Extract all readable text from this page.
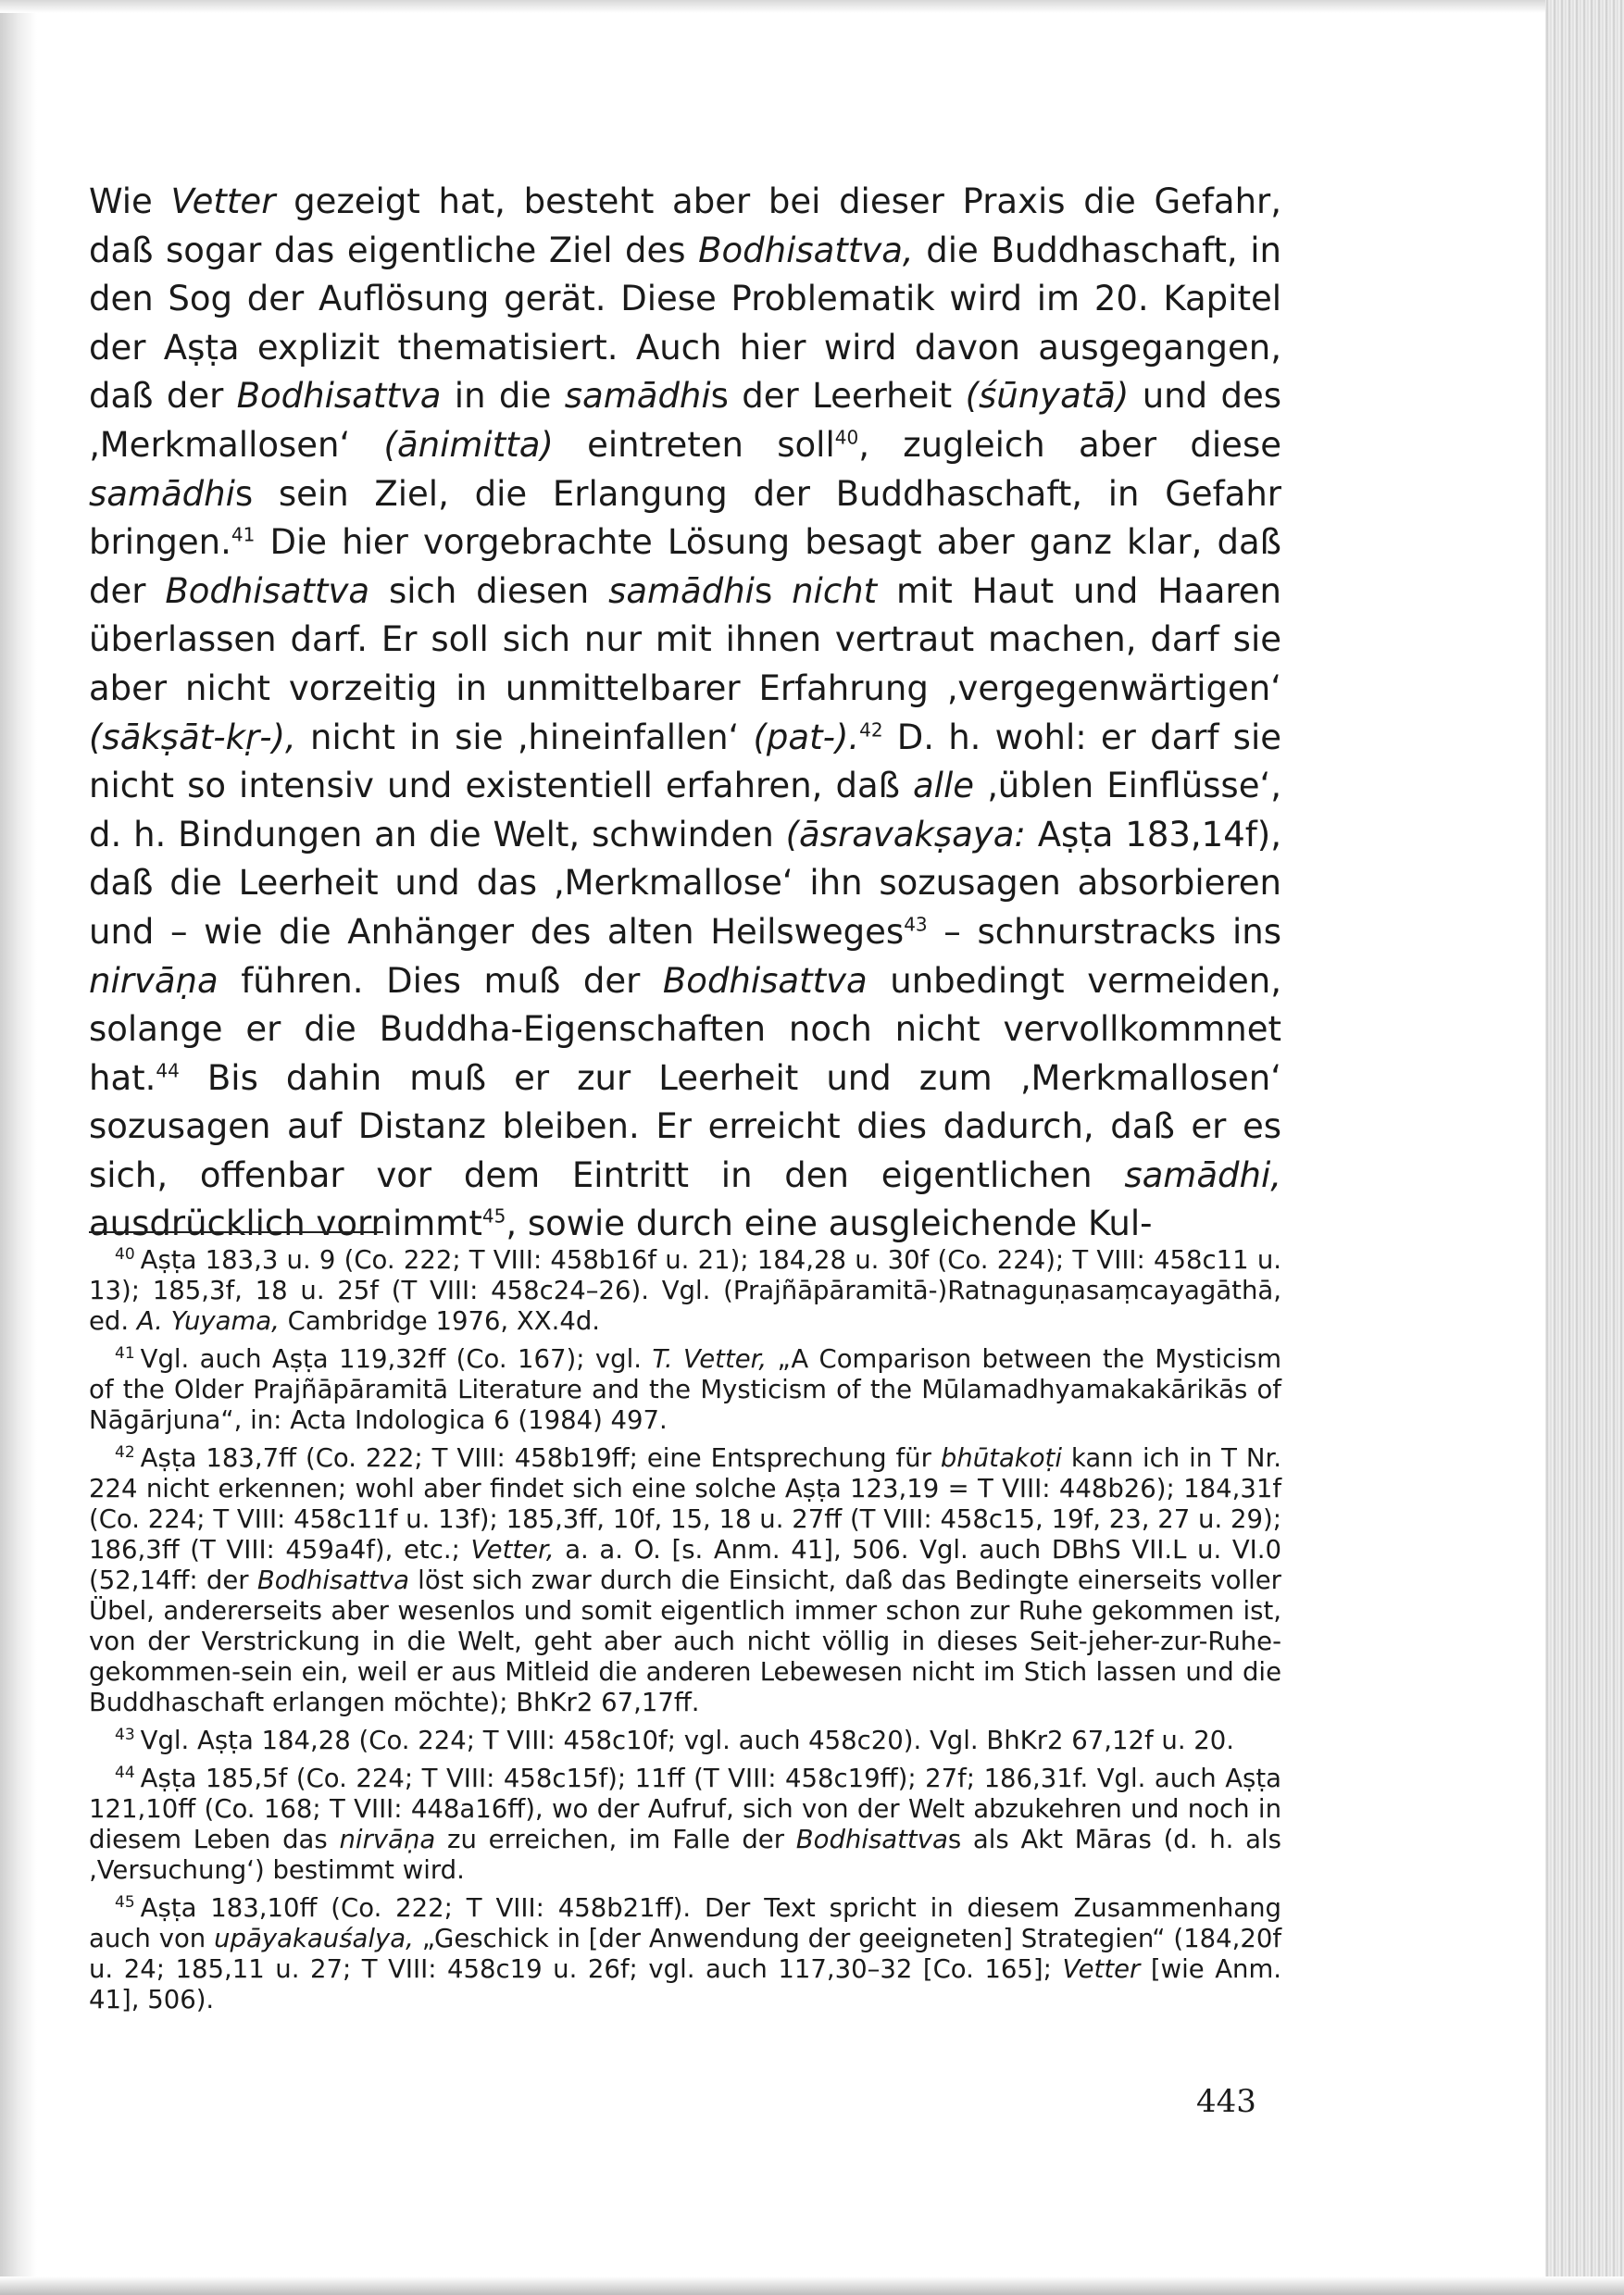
Wie Vetter gezeigt hat, besteht aber bei dieser Praxis die Gefahr, daß sogar das eigentliche Ziel des Bodhisattva, die Buddhaschaft, in den Sog der Auflösung gerät. Diese Problematik wird im 20. Kapitel der Aṣṭa explizit thematisiert. Auch hier wird davon ausgegangen, daß der Bodhisattva in die samādhis der Leerheit (śūnyatā) und des ‚Merkmallosen‘ (ānimitta) eintreten soll$^{40}$, zugleich aber diese samādhis sein Ziel, die Erlangung der Buddhaschaft, in Gefahr bringen.$^{41}$ Die hier vorgebrachte Lösung besagt aber ganz klar, daß der Bodhisattva sich diesen samādhis nicht mit Haut und Haaren überlassen darf. Er soll sich nur mit ihnen vertraut machen, darf sie aber nicht vorzeitig in unmittelbarer Erfahrung ‚vergegenwärtigen‘ (sākṣāt-kṛ-), nicht in sie ‚hineinfallen‘ (pat-).$^{42}$ D. h. wohl: er darf sie nicht so intensiv und existentiell erfahren, daß alle ‚üblen Einflüsse‘, d. h. Bindungen an die Welt, schwinden (āsravakṣaya: Aṣṭa 183,14f), daß die Leerheit und das ‚Merkmallose‘ ihn sozusagen absorbieren und – wie die Anhänger des alten Heilsweges$^{43}$ – schnurstracks ins nirvāṇa führen. Dies muß der Bodhisattva unbedingt vermeiden, solange er die Buddha-Eigenschaften noch nicht vervollkommnet hat.$^{44}$ Bis dahin muß er zur Leerheit und zum ‚Merkmallosen‘ sozusagen auf Distanz bleiben. Er erreicht dies dadurch, daß er es sich, offenbar vor dem Eintritt in den eigentlichen samādhi, ausdrücklich vornimmt$^{45}$, sowie durch eine ausgleichende Kul-

$^{40}$ Aṣṭa 183,3 u. 9 (Co. 222; T VIII: 458b16f u. 21); 184,28 u. 30f (Co. 224); T VIII: 458c11 u. 13); 185,3f, 18 u. 25f (T VIII: 458c24–26). Vgl. (Prajñāpāramitā-)Ratnaguṇasaṃcayagāthā, ed. A. Yuyama, Cambridge 1976, XX.4d.

$^{41}$ Vgl. auch Aṣṭa 119,32ff (Co. 167); vgl. T. Vetter, „A Comparison between the Mysticism of the Older Prajñāpāramitā Literature and the Mysticism of the Mūlamadhyamakakārikās of Nāgārjuna“, in: Acta Indologica 6 (1984) 497.

$^{42}$ Aṣṭa 183,7ff (Co. 222; T VIII: 458b19ff; eine Entsprechung für bhūtakoṭi kann ich in T Nr. 224 nicht erkennen; wohl aber findet sich eine solche Aṣṭa 123,19 = T VIII: 448b26); 184,31f (Co. 224; T VIII: 458c11f u. 13f); 185,3ff, 10f, 15, 18 u. 27ff (T VIII: 458c15, 19f, 23, 27 u. 29); 186,3ff (T VIII: 459a4f), etc.; Vetter, a. a. O. [s. Anm. 41], 506. Vgl. auch DBhS VII.L u. VI.0 (52,14ff: der Bodhisattva löst sich zwar durch die Einsicht, daß das Bedingte einerseits voller Übel, andererseits aber wesenlos und somit eigentlich immer schon zur Ruhe gekommen ist, von der Verstrickung in die Welt, geht aber auch nicht völlig in dieses Seit-jeher-zur-Ruhe-gekommen-sein ein, weil er aus Mitleid die anderen Lebewesen nicht im Stich lassen und die Buddhaschaft erlangen möchte); BhKr2 67,17ff.

$^{43}$ Vgl. Aṣṭa 184,28 (Co. 224; T VIII: 458c10f; vgl. auch 458c20). Vgl. BhKr2 67,12f u. 20.

$^{44}$ Aṣṭa 185,5f (Co. 224; T VIII: 458c15f); 11ff (T VIII: 458c19ff); 27f; 186,31f. Vgl. auch Aṣṭa 121,10ff (Co. 168; T VIII: 448a16ff), wo der Aufruf, sich von der Welt abzukehren und noch in diesem Leben das nirvāṇa zu erreichen, im Falle der Bodhisattvas als Akt Māras (d. h. als ‚Versuchung‘) bestimmt wird.

$^{45}$ Aṣṭa 183,10ff (Co. 222; T VIII: 458b21ff). Der Text spricht in diesem Zusammenhang auch von upāyakauśalya, „Geschick in [der Anwendung der geeigneten] Strategien“ (184,20f u. 24; 185,11 u. 27; T VIII: 458c19 u. 26f; vgl. auch 117,30–32 [Co. 165]; Vetter [wie Anm. 41], 506).

443
